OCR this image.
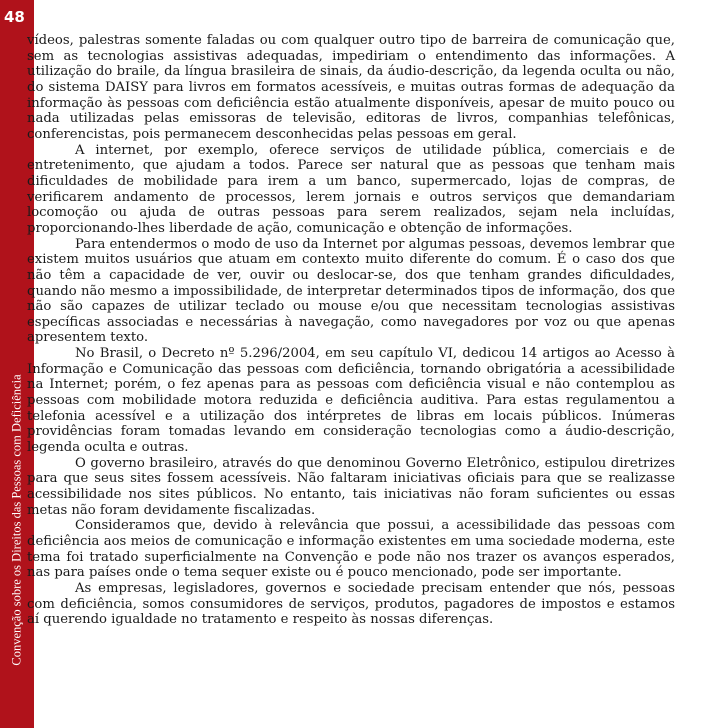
48
Convenção sobre os Direitos das Pessoas com Deficiência

vídeos, palestras somente faladas ou com qualquer outro tipo de barreira de comunicação que, sem as tecnologias assistivas adequadas, impediriam o entendimento das informações. A utilização do braile, da língua brasileira de sinais, da áudio-descrição, da legenda oculta ou não, do sistema DAISY para livros em formatos acessíveis, e muitas outras formas de adequação da informação às pessoas com deficiência estão atualmente disponíveis, apesar de muito pouco ou nada utilizadas pelas emissoras de televisão, editoras de livros, companhias telefônicas, conferencistas, pois permanecem desconhecidas pelas pessoas em geral.

A internet, por exemplo, oferece serviços de utilidade pública, comerciais e de entretenimento, que ajudam a todos. Parece ser natural que as pessoas que tenham mais dificuldades de mobilidade para irem a um banco, supermercado, lojas de compras, de verificarem andamento de processos, lerem jornais e outros serviços que demandariam locomoção ou ajuda de outras pessoas para serem realizados, sejam nela incluídas, proporcionando-lhes liberdade de ação, comunicação e obtenção de informações.

Para entendermos o modo de uso da Internet por algumas pessoas, devemos lembrar que existem muitos usuários que atuam em contexto muito diferente do comum. É o caso dos que não têm a capacidade de ver, ouvir ou deslocar-se, dos que tenham grandes dificuldades, quando não mesmo a impossibilidade, de interpretar determinados tipos de informação, dos que não são capazes de utilizar teclado ou mouse e/ou que necessitam tecnologias assistivas específicas associadas e necessárias à navegação, como navegadores por voz ou que apenas apresentem texto.

No Brasil, o Decreto nº 5.296/2004, em seu capítulo VI, dedicou 14 artigos ao Acesso à Informação e Comunicação das pessoas com deficiência, tornando obrigatória a acessibilidade na Internet; porém, o fez apenas para as pessoas com deficiência visual e não contemplou as pessoas com mobilidade motora reduzida e deficiência auditiva. Para estas regulamentou a telefonia acessível e a utilização dos intérpretes de libras em locais públicos. Inúmeras providências foram tomadas levando em consideração tecnologias como a áudio-descrição, legenda oculta e outras.

O governo brasileiro, através do que denominou Governo Eletrônico, estipulou diretrizes para que seus sites fossem acessíveis. Não faltaram iniciativas oficiais para que se realizasse acessibilidade nos sites públicos. No entanto, tais iniciativas não foram suficientes ou essas metas não foram devidamente fiscalizadas.

Consideramos que, devido à relevância que possui, a acessibilidade das pessoas com deficiência aos meios de comunicação e informação existentes em uma sociedade moderna, este tema foi tratado superficialmente na Convenção e pode não nos trazer os avanços esperados, nas para países onde o tema sequer existe ou é pouco mencionado, pode ser importante.

As empresas, legisladores, governos e sociedade precisam entender que nós, pessoas com deficiência, somos consumidores de serviços, produtos, pagadores de impostos e estamos aí querendo igualdade no tratamento e respeito às nossas diferenças.
